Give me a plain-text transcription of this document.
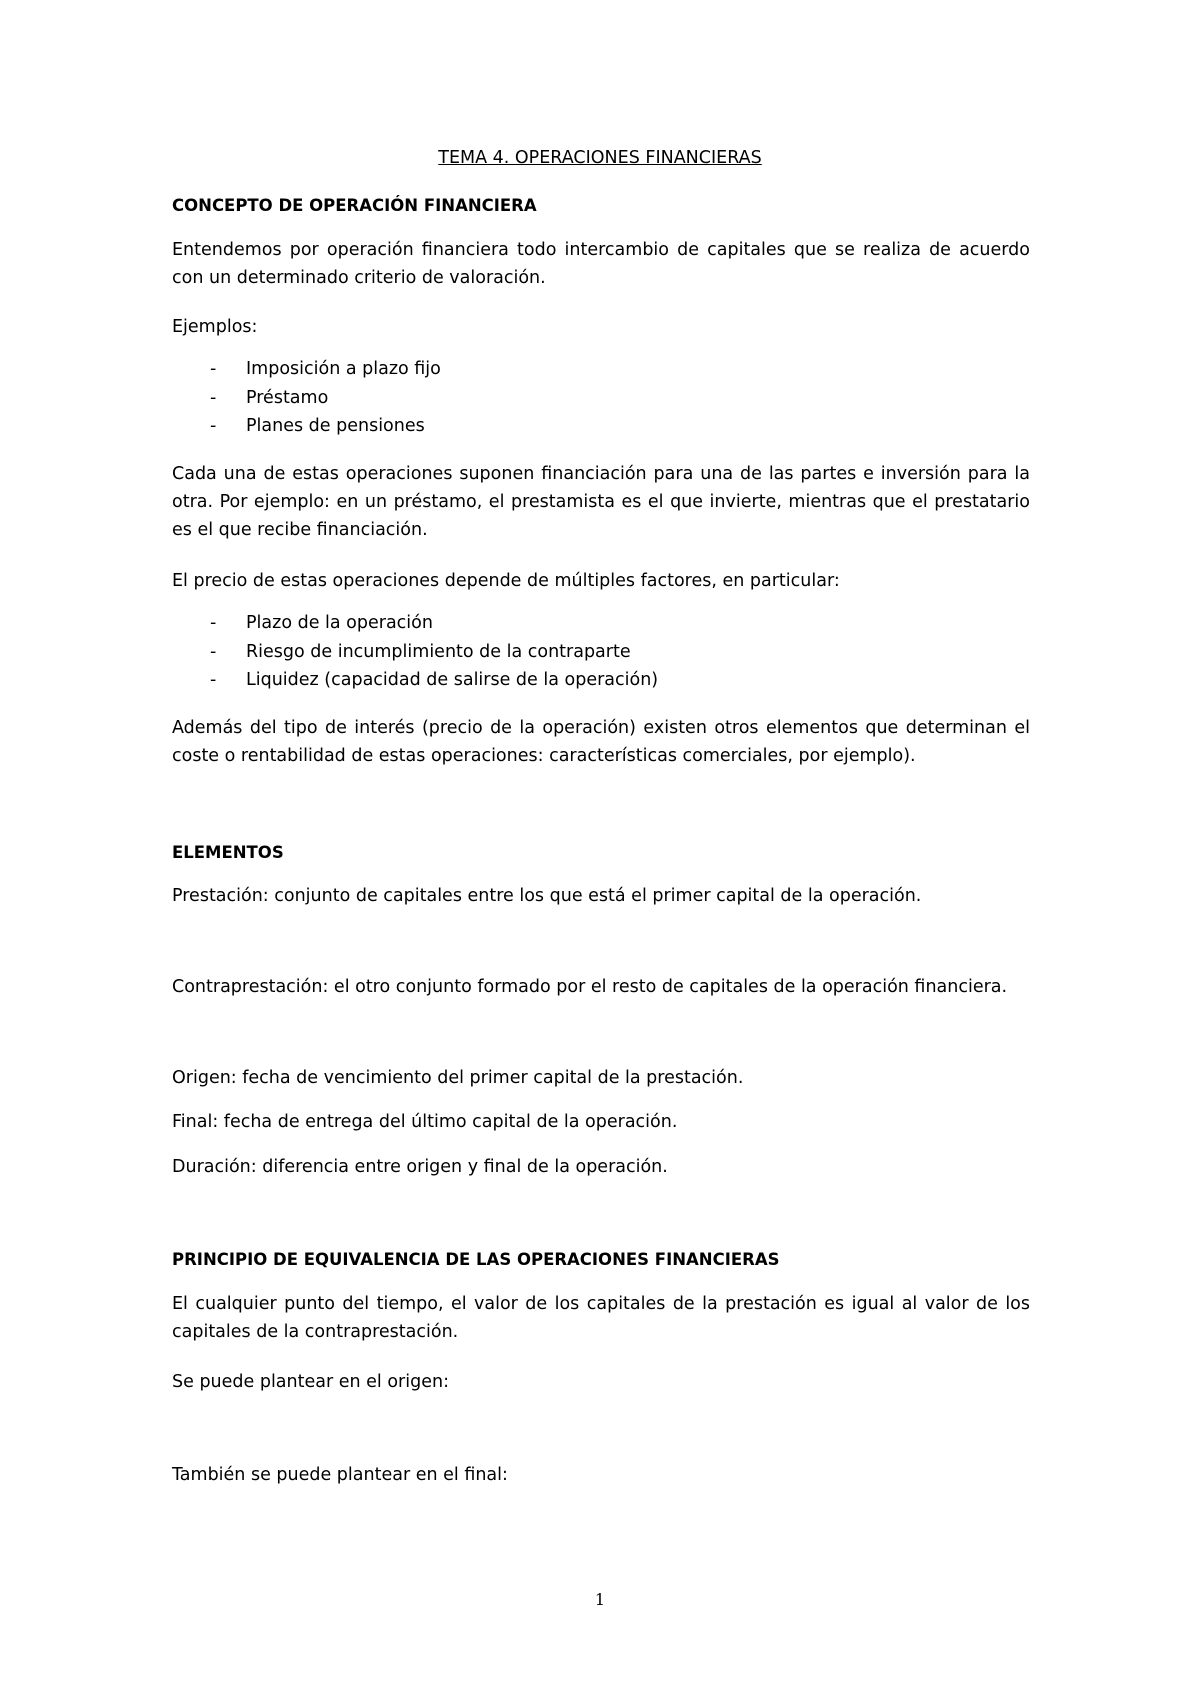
TEMA 4. OPERACIONES FINANCIERAS

CONCEPTO DE OPERACIÓN FINANCIERA

Entendemos por operación financiera todo intercambio de capitales que se realiza de acuerdo con un determinado criterio de valoración.

Ejemplos:

- Imposición a plazo fijo
- Préstamo
- Planes de pensiones

Cada una de estas operaciones suponen financiación para una de las partes e inversión para la otra. Por ejemplo: en un préstamo, el prestamista es el que invierte, mientras que el prestatario es el que recibe financiación.

El precio de estas operaciones depende de múltiples factores, en particular:

- Plazo de la operación
- Riesgo de incumplimiento de la contraparte
- Liquidez (capacidad de salirse de la operación)

Además del tipo de interés (precio de la operación) existen otros elementos que determinan el coste o rentabilidad de estas operaciones: características comerciales, por ejemplo).

ELEMENTOS

Prestación: conjunto de capitales entre los que está el primer capital de la operación.

Contraprestación: el otro conjunto formado por el resto de capitales de la operación financiera.

Origen: fecha de vencimiento del primer capital de la prestación.

Final: fecha de entrega del último capital de la operación.

Duración: diferencia entre origen y final de la operación.

PRINCIPIO DE EQUIVALENCIA DE LAS OPERACIONES FINANCIERAS

El cualquier punto del tiempo, el valor de los capitales de la prestación es igual al valor de los capitales de la contraprestación.

Se puede plantear en el origen:

También se puede plantear en el final:

1
